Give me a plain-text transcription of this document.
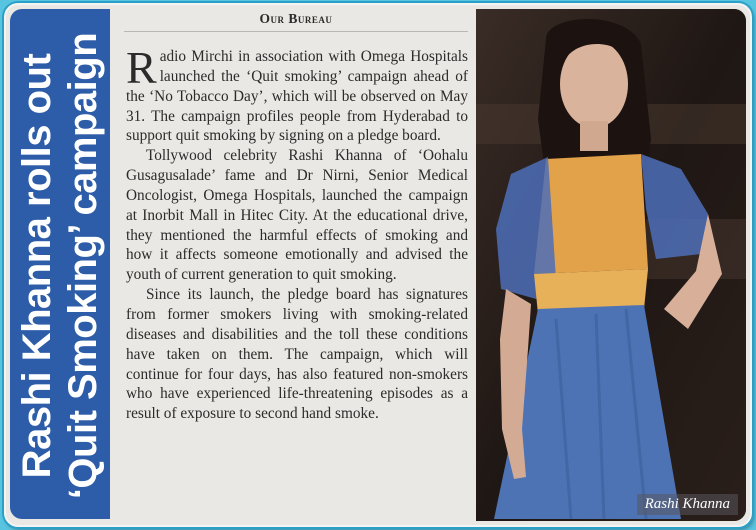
Rashi Khanna rolls out ‘Quit Smoking’ campaign
Our Bureau

Radio Mirchi in association with Omega Hospitals launched the ‘Quit smoking’ campaign ahead of the ‘No Tobacco Day’, which will be observed on May 31. The campaign profiles people from Hyderabad to support quit smoking by signing on a pledge board.

Tollywood celebrity Rashi Khanna of ‘Oohalu Gusagusalade’ fame and Dr Nirni, Senior Medical Oncologist, Omega Hospitals, launched the campaign at Inorbit Mall in Hitec City. At the educational drive, they mentioned the harmful effects of smoking and how it affects someone emotionally and advised the youth of current generation to quit smoking.

Since its launch, the pledge board has signatures from former smokers living with smoking-related diseases and disabilities and the toll these conditions have taken on them. The campaign, which will continue for four days, has also featured non-smokers who have experienced life-threatening episodes as a result of exposure to second hand smoke.

Rashi Khanna
